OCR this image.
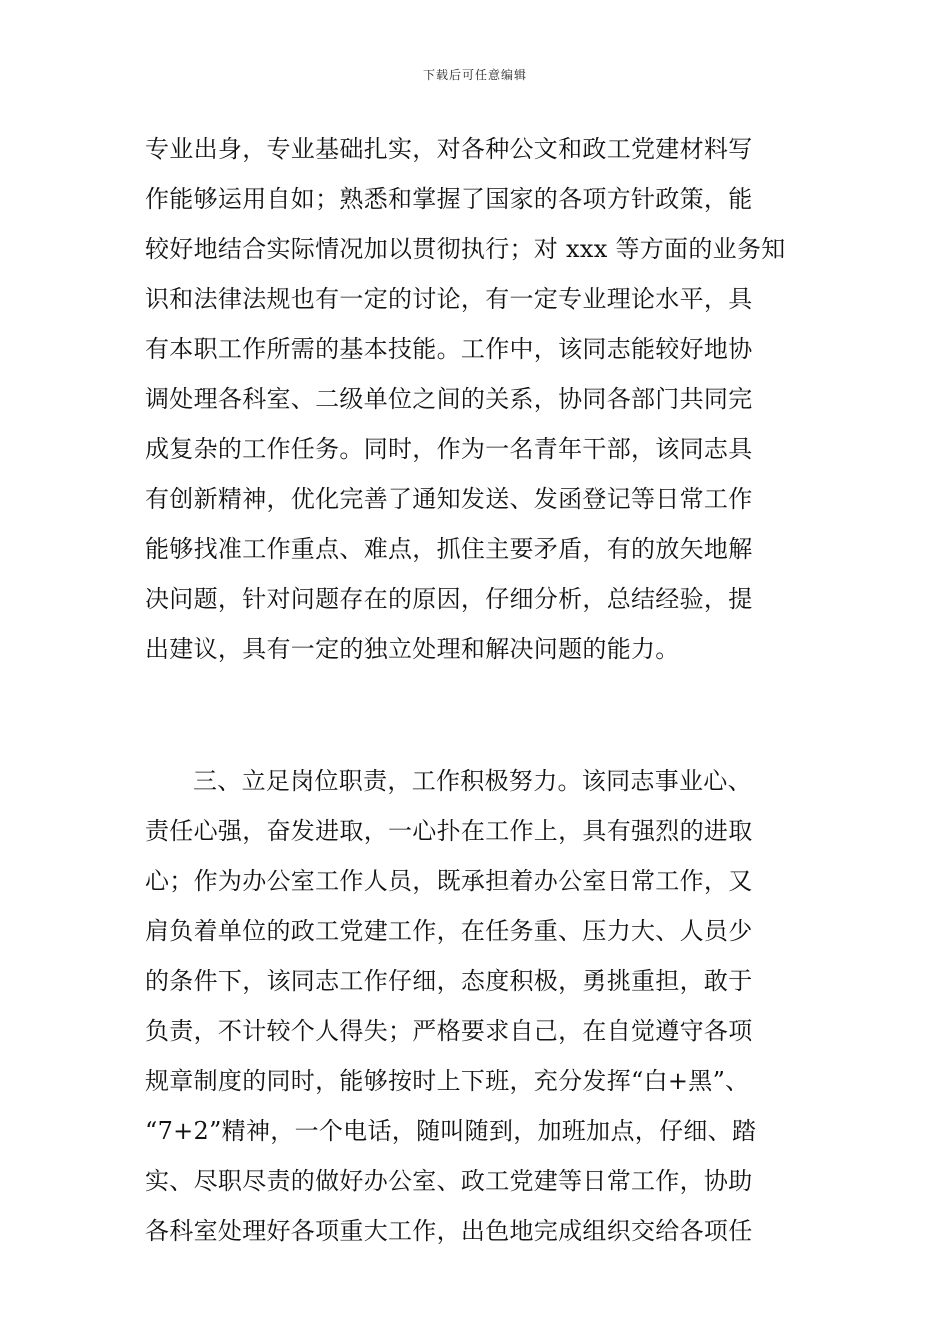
下载后可任意编辑
专业出身，专业基础扎实，对各种公文和政工党建材料写
作能够运用自如；熟悉和掌握了国家的各项方针政策，能
较好地结合实际情况加以贯彻执行；对 xxx 等方面的业务知
识和法律法规也有一定的讨论，有一定专业理论水平，具
有本职工作所需的基本技能。工作中，该同志能较好地协
调处理各科室、二级单位之间的关系，协同各部门共同完
成复杂的工作任务。同时，作为一名青年干部，该同志具
有创新精神，优化完善了通知发送、发函登记等日常工作
能够找准工作重点、难点，抓住主要矛盾，有的放矢地解
决问题，针对问题存在的原因，仔细分析，总结经验，提
出建议，具有一定的独立处理和解决问题的能力。
三、立足岗位职责，工作积极努力。该同志事业心、
责任心强，奋发进取，一心扑在工作上，具有强烈的进取
心；作为办公室工作人员，既承担着办公室日常工作，又
肩负着单位的政工党建工作，在任务重、压力大、人员少
的条件下，该同志工作仔细，态度积极，勇挑重担，敢于
负责，不计较个人得失；严格要求自己，在自觉遵守各项
规章制度的同时，能够按时上下班，充分发挥“白+黑”、
“7+2”精神，一个电话，随叫随到，加班加点，仔细、踏
实、尽职尽责的做好办公室、政工党建等日常工作，协助
各科室处理好各项重大工作，出色地完成组织交给各项任
